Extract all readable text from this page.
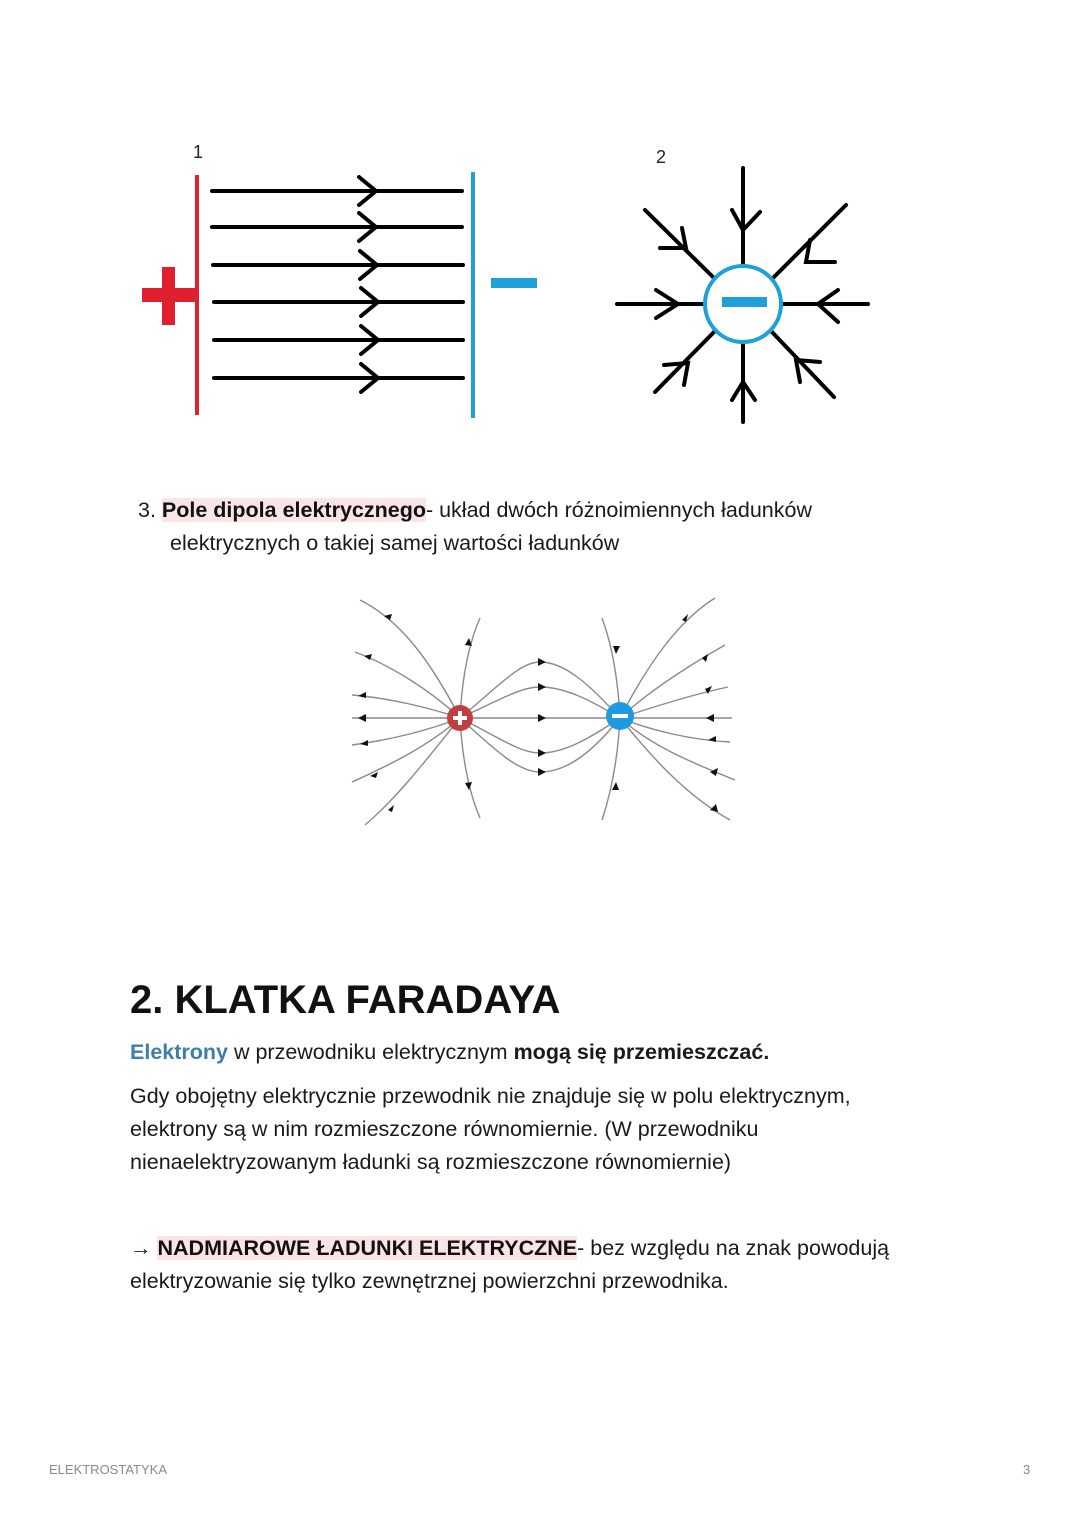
1	2
3. Pole dipola elektrycznego- układ dwóch różnoimiennych ładunków
elektrycznych o takiej samej wartości ładunków
2. KLATKA FARADAYA
Elektrony w przewodniku elektrycznym mogą się przemieszczać.
Gdy obojętny elektrycznie przewodnik nie znajduje się w polu elektrycznym,
elektrony są w nim rozmieszczone równomiernie. (W przewodniku
nienaelektryzowanym ładunki są rozmieszczone równomiernie)
→ NADMIAROWE ŁADUNKI ELEKTRYCZNE- bez względu na znak powodują
elektryzowanie się tylko zewnętrznej powierzchni przewodnika.
ELEKTROSTATYKA	3
